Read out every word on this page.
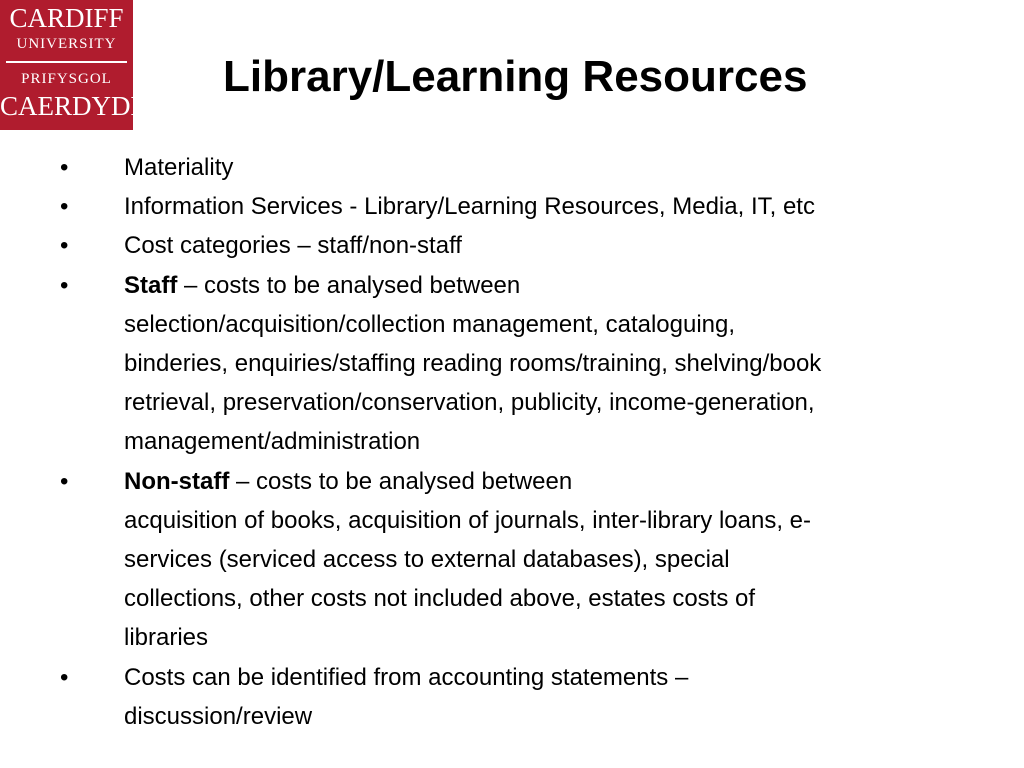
CARDIFF
UNIVERSITY
PRIFYSGOL
CAERDYDD
Library/Learning Resources
•	Materiality
•	Information Services - Library/Learning Resources, Media, IT, etc
•	Cost categories – staff/non-staff
•	Staff – costs to be analysed between
selection/acquisition/collection management, cataloguing,
binderies, enquiries/staffing reading rooms/training, shelving/book
retrieval, preservation/conservation, publicity, income-generation,
management/administration
•	Non-staff – costs to be analysed between
acquisition of books, acquisition of journals, inter-library loans, e-
services (serviced access to external databases), special
collections, other costs not included above, estates costs of
libraries
•	Costs can be identified from accounting statements –
discussion/review
